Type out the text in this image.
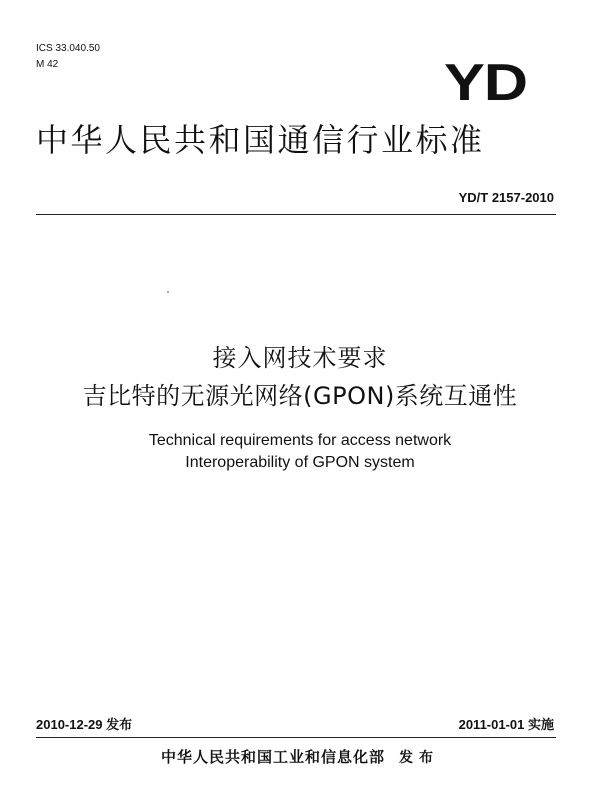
ICS 33.040.50
M 42	YD
中华人民共和国通信行业标准
YD/T 2157-2010
接入网技术要求
吉比特的无源光网络(GPON)系统互通性
Technical requirements for access network
Interoperability of GPON system
2010-12-29 发布	2011-01-01 实施
中华人民共和国工业和信息化部 发布
